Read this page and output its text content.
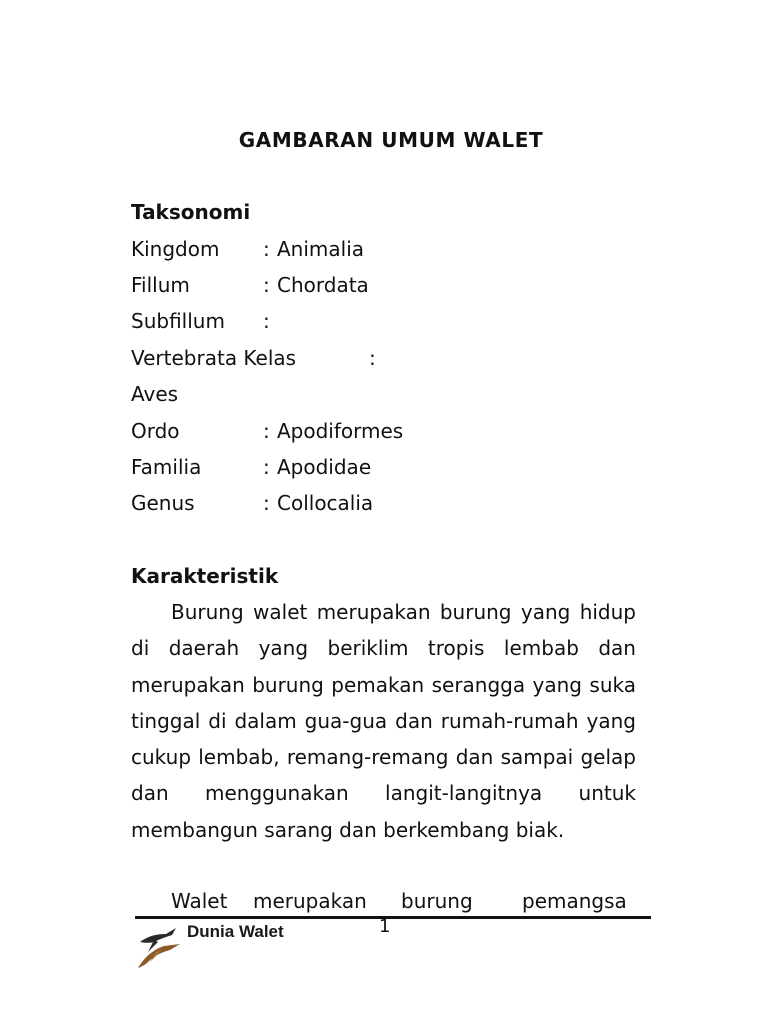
GAMBARAN UMUM WALET
Taksonomi
Kingdom : Animalia
Fillum	: Chordata
Subfillum :
Vertebrata Kelas	:
Aves
Ordo	: Apodiformes
Familia	: Apodidae
Genus	: Collocalia
Karakteristik
Burung walet merupakan burung yang hidup di daerah yang beriklim tropis lembab dan merupakan burung pemakan serangga yang suka tinggal di dalam gua-gua dan rumah-rumah yang cukup lembab, remang-remang dan sampai gelap dan menggunakan langit-langitnya untuk membangun sarang dan berkembang biak.
Walet merupakan burung pemangsa
Dunia Walet	1
